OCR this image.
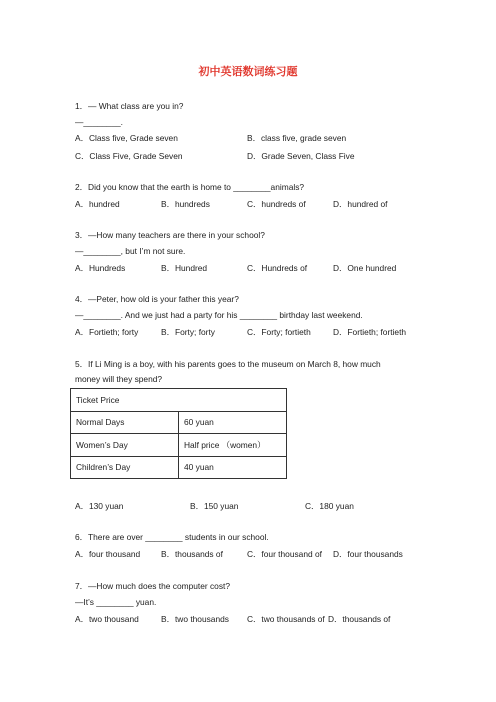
初中英语数词练习题
1．— What class are you in?
—________.
A．Class five, Grade seven	B．class five, grade seven
C．Class Five, Grade Seven	D．Grade Seven, Class Five
2．Did you know that the earth is home to ________animals?
A．hundred	B．hundreds	C．hundreds of	D．hundred of
3．—How many teachers are there in your school?
—________, but I’m not sure.
A．Hundreds	B．Hundred	C．Hundreds of	D．One hundred
4．—Peter, how old is your father this year?
—________. And we just had a party for his ________ birthday last weekend.
A．Fortieth; forty	B．Forty; forty	C．Forty; fortieth	D．Fortieth; fortieth
5．If Li Ming is a boy, with his parents goes to the museum on March 8, how much
money will they spend?
Ticket Price	
Normal Days	60 yuan
Women’s Day	Half price （women）
Children’s Day	40 yuan
A．130 yuan	B．150 yuan	C．180 yuan
6．There are over ________ students in our school.
A．four thousand B．thousands of	C．four thousand of D．four thousands
7．—How much does the computer cost?
—It’s ________ yuan.
A．two thousand	B．two thousands C．two thousands of D．thousands of
